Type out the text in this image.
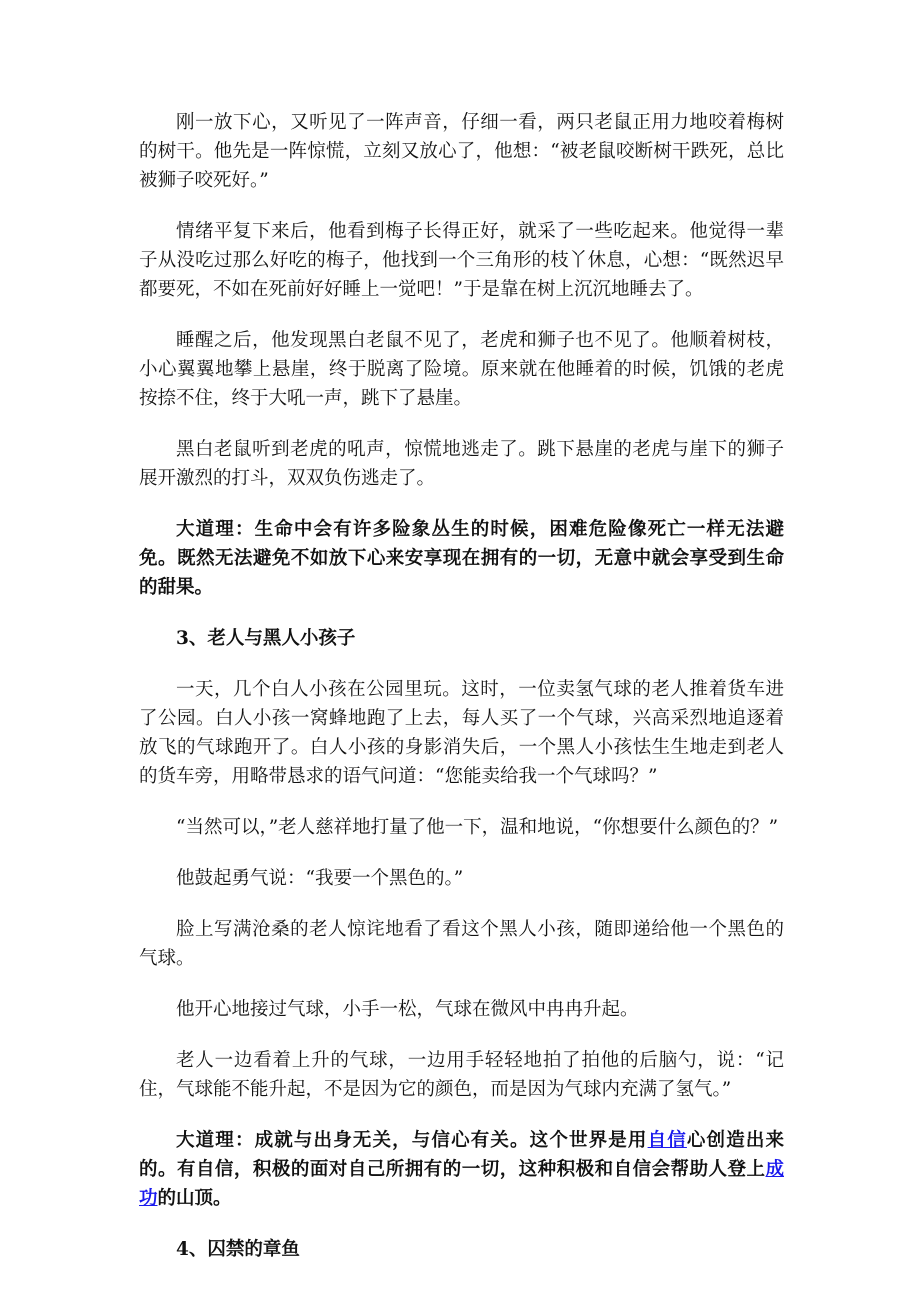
刚一放下心，又听见了一阵声音，仔细一看，两只老鼠正用力地咬着梅树的树干。他先是一阵惊慌，立刻又放心了，他想：“被老鼠咬断树干跌死，总比被狮子咬死好。”

情绪平复下来后，他看到梅子长得正好，就采了一些吃起来。他觉得一辈子从没吃过那么好吃的梅子，他找到一个三角形的枝丫休息，心想：“既然迟早都要死，不如在死前好好睡上一觉吧！”于是靠在树上沉沉地睡去了。

睡醒之后，他发现黑白老鼠不见了，老虎和狮子也不见了。他顺着树枝，小心翼翼地攀上悬崖，终于脱离了险境。原来就在他睡着的时候，饥饿的老虎按捺不住，终于大吼一声，跳下了悬崖。

黑白老鼠听到老虎的吼声，惊慌地逃走了。跳下悬崖的老虎与崖下的狮子展开激烈的打斗，双双负伤逃走了。

大道理：生命中会有许多险象丛生的时候，困难危险像死亡一样无法避免。既然无法避免不如放下心来安享现在拥有的一切，无意中就会享受到生命的甜果。

3、老人与黑人小孩子

一天，几个白人小孩在公园里玩。这时，一位卖氢气球的老人推着货车进了公园。白人小孩一窝蜂地跑了上去，每人买了一个气球，兴高采烈地追逐着放飞的气球跑开了。白人小孩的身影消失后，一个黑人小孩怯生生地走到老人的货车旁，用略带恳求的语气问道：“您能卖给我一个气球吗？”

“当然可以，”老人慈祥地打量了他一下，温和地说，“你想要什么颜色的？”

他鼓起勇气说：“我要一个黑色的。”

脸上写满沧桑的老人惊诧地看了看这个黑人小孩，随即递给他一个黑色的气球。

他开心地接过气球，小手一松，气球在微风中冉冉升起。

老人一边看着上升的气球，一边用手轻轻地拍了拍他的后脑勺，说：“记住，气球能不能升起，不是因为它的颜色，而是因为气球内充满了氢气。”

大道理：成就与出身无关，与信心有关。这个世界是用自信心创造出来的。有自信，积极的面对自己所拥有的一切，这种积极和自信会帮助人登上成功的山顶。

4、囚禁的章鱼
